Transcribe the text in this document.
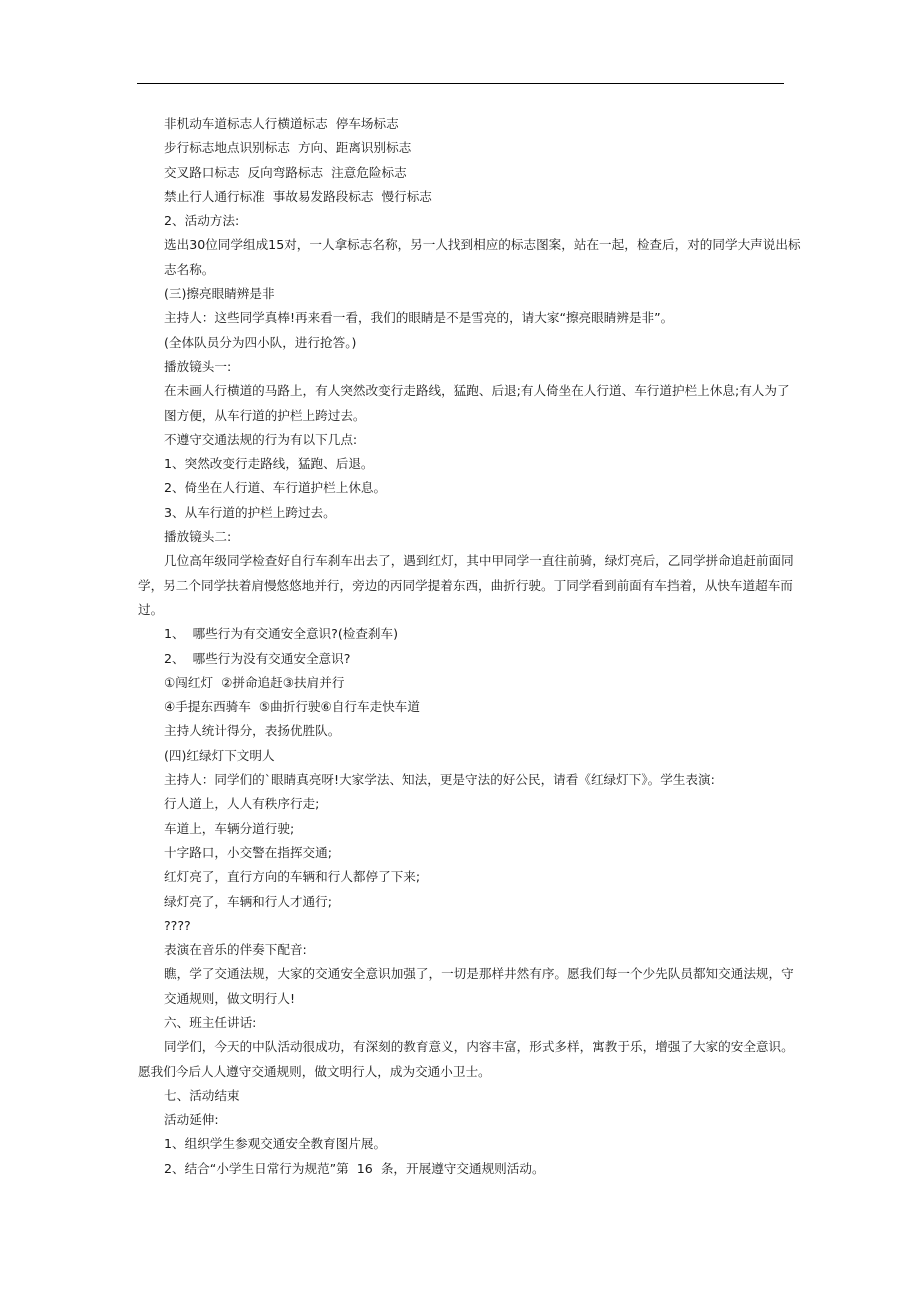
非机动车道标志人行横道标志  停车场标志
步行标志地点识别标志  方向、距离识别标志
交叉路口标志  反向弯路标志  注意危险标志
禁止行人通行标准  事故易发路段标志  慢行标志
2、活动方法:
选出30位同学组成15对，一人拿标志名称，另一人找到相应的标志图案，站在一起，检查后，对的同学大声说出标
志名称。
(三)擦亮眼睛辨是非
主持人：这些同学真棒!再来看一看，我们的眼睛是不是雪亮的，请大家“擦亮眼睛辨是非”。
(全体队员分为四小队，进行抢答。)
播放镜头一:
在未画人行横道的马路上，有人突然改变行走路线，猛跑、后退;有人倚坐在人行道、车行道护栏上休息;有人为了
图方便，从车行道的护栏上跨过去。
不遵守交通法规的行为有以下几点:
1、突然改变行走路线，猛跑、后退。
2、倚坐在人行道、车行道护栏上休息。
3、从车行道的护栏上跨过去。
播放镜头二:
几位高年级同学检查好自行车刹车出去了，遇到红灯，其中甲同学一直往前骑，绿灯亮后，乙同学拼命追赶前面同
学，另二个同学扶着肩慢悠悠地并行，旁边的丙同学提着东西，曲折行驶。丁同学看到前面有车挡着，从快车道超车而
过。
1、  哪些行为有交通安全意识?(检查刹车)
2、  哪些行为没有交通安全意识?
①闯红灯  ②拼命追赶③扶肩并行
④手提东西骑车  ⑤曲折行驶⑥自行车走快车道
主持人统计得分，表扬优胜队。
(四)红绿灯下文明人
主持人：同学们的`眼睛真亮呀!大家学法、知法，更是守法的好公民，请看《红绿灯下》。学生表演:
行人道上，人人有秩序行走;
车道上，车辆分道行驶;
十字路口，小交警在指挥交通;
红灯亮了，直行方向的车辆和行人都停了下来;
绿灯亮了，车辆和行人才通行;
????
表演在音乐的伴奏下配音:
瞧，学了交通法规，大家的交通安全意识加强了，一切是那样井然有序。愿我们每一个少先队员都知交通法规，守
交通规则，做文明行人!
六、班主任讲话:
同学们，今天的中队活动很成功，有深刻的教育意义，内容丰富，形式多样，寓教于乐，增强了大家的安全意识。
愿我们今后人人遵守交通规则，做文明行人，成为交通小卫士。
七、活动结束
活动延伸:
1、组织学生参观交通安全教育图片展。
2、结合“小学生日常行为规范”第  16  条，开展遵守交通规则活动。
